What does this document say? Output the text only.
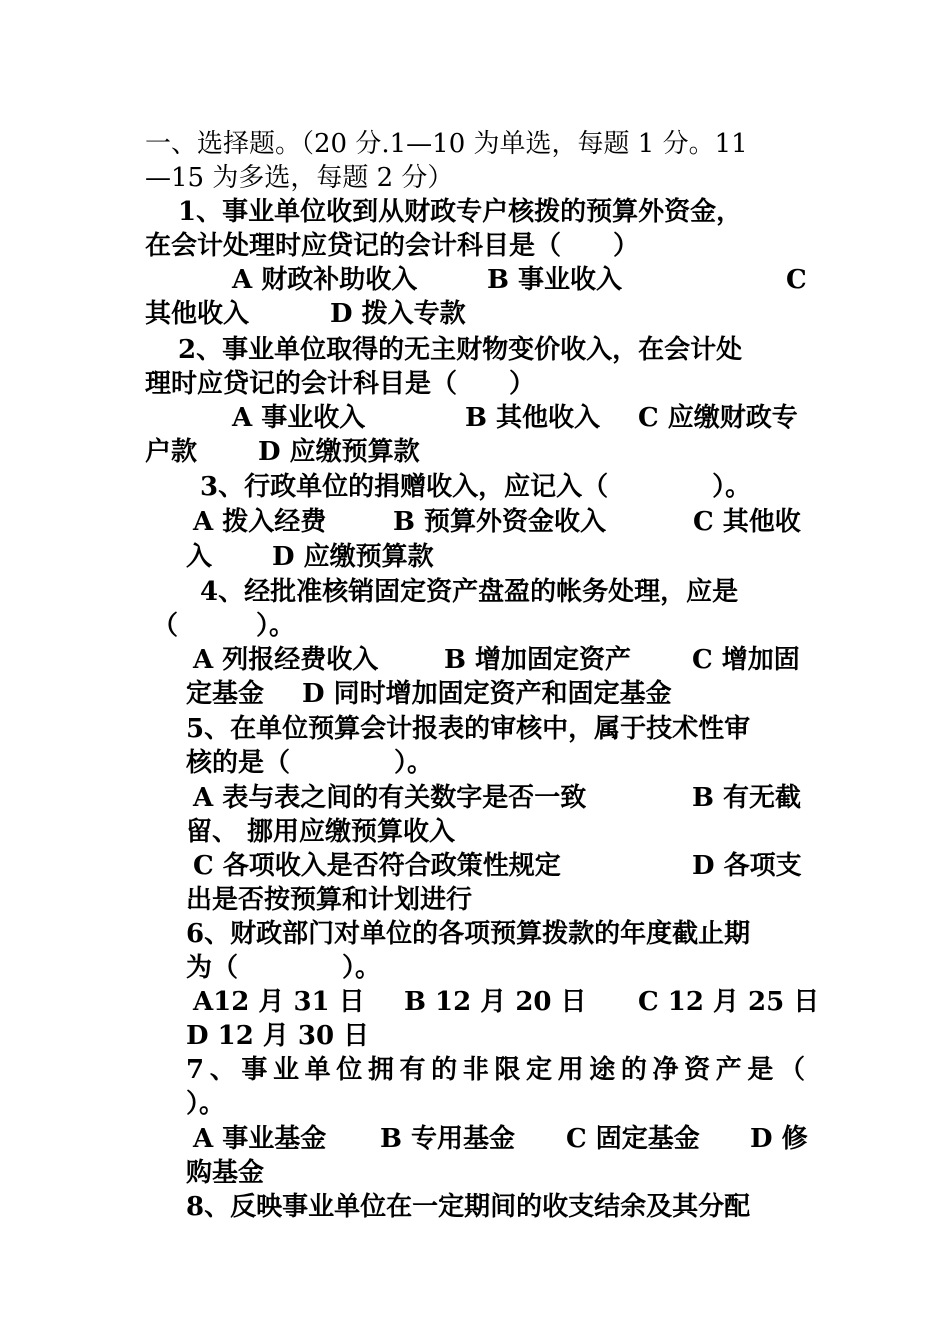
一、选择题。（20 分.1—10 为单选，每题 1 分。11
—15 为多选，每题 2 分）
1、事业单位收到从财政专户核拨的预算外资金，
在会计处理时应贷记的会计科目是（　　）
A 财政补助收入	B 事业收入	C
其他收入	D 拨入专款
2、事业单位取得的无主财物变价收入，在会计处
理时应贷记的会计科目是（　　）
A 事业收入	B 其他收入 C 应缴财政专
户款 D 应缴预算款
3、行政单位的捐赠收入，应记入（　　　　）。
A 拨入经费	B 预算外资金收入	C 其他收
入 D 应缴预算款
4、经批准核销固定资产盘盈的帐务处理，应是
（　　　）。
A 列报经费收入	B 增加固定资产 C 增加固
定基金 D 同时增加固定资产和固定基金
5、在单位预算会计报表的审核中，属于技术性审
核的是（　　　　）。
A 表与表之间的有关数字是否一致	B 有无截
留、 挪用应缴预算收入
C 各项收入是否符合政策性规定	D 各项支
出是否按预算和计划进行
6、财政部门对单位的各项预算拨款的年度截止期
为（　　　　）。
A12 月 31 日 B 12 月 20 日 C 12 月 25 日
D 12 月 30 日
7、事业单位拥有的非限定用途的净资产是（
）。
A 事业基金 B 专用基金 C 固定基金 D 修
购基金
8、反映事业单位在一定期间的收支结余及其分配
